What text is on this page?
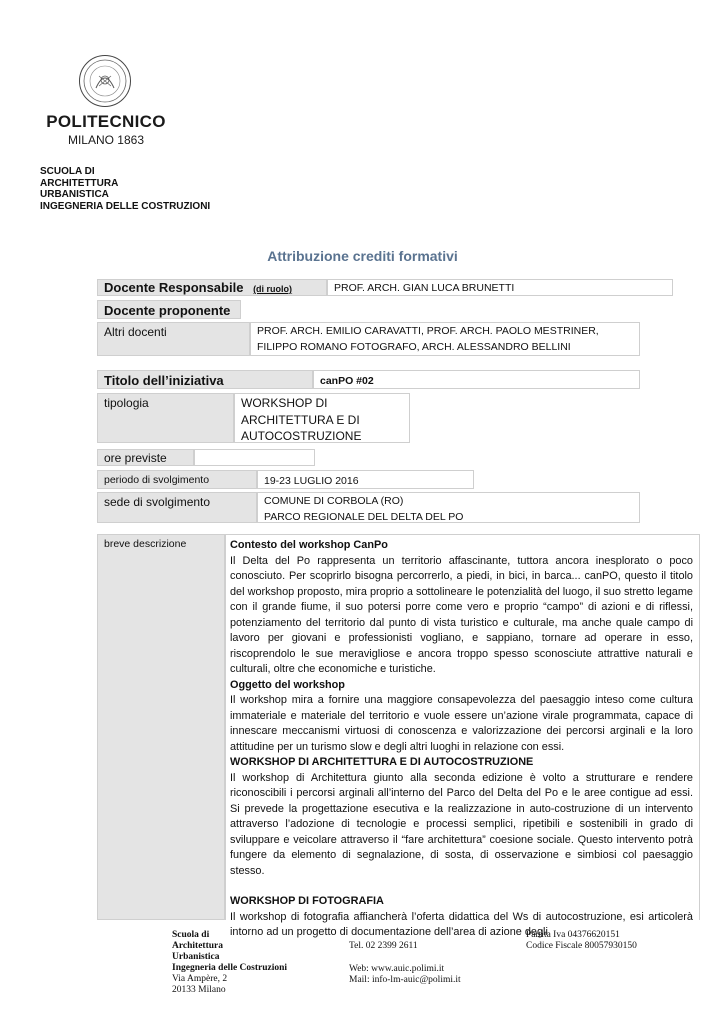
POLITECNICO
MILANO 1863
SCUOLA DI
ARCHITETTURA
URBANISTICA
INGEGNERIA DELLE COSTRUZIONI
Attribuzione crediti formativi
Docente Responsabile (di ruolo)	PROF. ARCH. GIAN LUCA BRUNETTI
Docente proponente
Altri docenti	PROF. ARCH. EMILIO CARAVATTI, PROF. ARCH. PAOLO MESTRINER, FILIPPO ROMANO FOTOGRAFO, ARCH. ALESSANDRO BELLINI
Titolo dell’iniziativa	canPO #02
tipologia	WORKSHOP DI ARCHITETTURA E DI AUTOCOSTRUZIONE
ore previste
periodo di svolgimento	19-23 LUGLIO 2016
sede di svolgimento	COMUNE DI CORBOLA (RO)
PARCO REGIONALE DEL DELTA DEL PO
breve descrizione	Contesto del workshop CanPo

Il Delta del Po rappresenta un territorio affascinante, tuttora ancora inesplorato o poco conosciuto. Per scoprirlo bisogna percorrerlo, a piedi, in bici, in barca... canPO, questo il titolo del workshop proposto, mira proprio a sottolineare le potenzialità del luogo, il suo stretto legame con il grande fiume, il suo potersi porre come vero e proprio “campo” di azioni e di riflessi, potenziamento del territorio dal punto di vista turistico e culturale, ma anche quale campo di lavoro per giovani e professionisti vogliano, e sappiano, tornare ad operare in esso, riscoprendolo le sue meravigliose e ancora troppo spesso sconosciute attrattive naturali e culturali, oltre che economiche e turistiche.

Oggetto del workshop

Il workshop mira a fornire una maggiore consapevolezza del paesaggio inteso come cultura immateriale e materiale del territorio e vuole essere un’azione virale programmata, capace di innescare meccanismi virtuosi di conoscenza e valorizzazione dei percorsi arginali e la loro attitudine per un turismo slow e degli altri luoghi in relazione con essi.

WORKSHOP DI ARCHITETTURA E DI AUTOCOSTRUZIONE

Il workshop di Architettura giunto alla seconda edizione è volto a strutturare e rendere riconoscibili i percorsi arginali all’interno del Parco del Delta del Po e le aree contigue ad essi. Si prevede la progettazione esecutiva e la realizzazione in auto-costruzione di un intervento attraverso l’adozione di tecnologie e processi semplici, ripetibili e sostenibili in grado di sviluppare e veicolare attraverso il “fare architettura” coesione sociale. Questo intervento potrà fungere da elemento di segnalazione, di sosta, di osservazione e simbiosi col paesaggio stesso.

WORKSHOP DI FOTOGRAFIA

Il workshop di fotografia affiancherà l’oferta didattica del Ws di autocostruzione, esi articolerà intorno ad un progetto di documentazione dell’area di azione degli

Scuola di
Architettura
Urbanistica
Ingegneria delle Costruzioni
Via Ampère, 2
20133 Milano
Tel. 02 2399 2611
Web: www.auic.polimi.it
Mail: info-lm-auic@polimi.it
Partita Iva 04376620151
Codice Fiscale 80057930150
